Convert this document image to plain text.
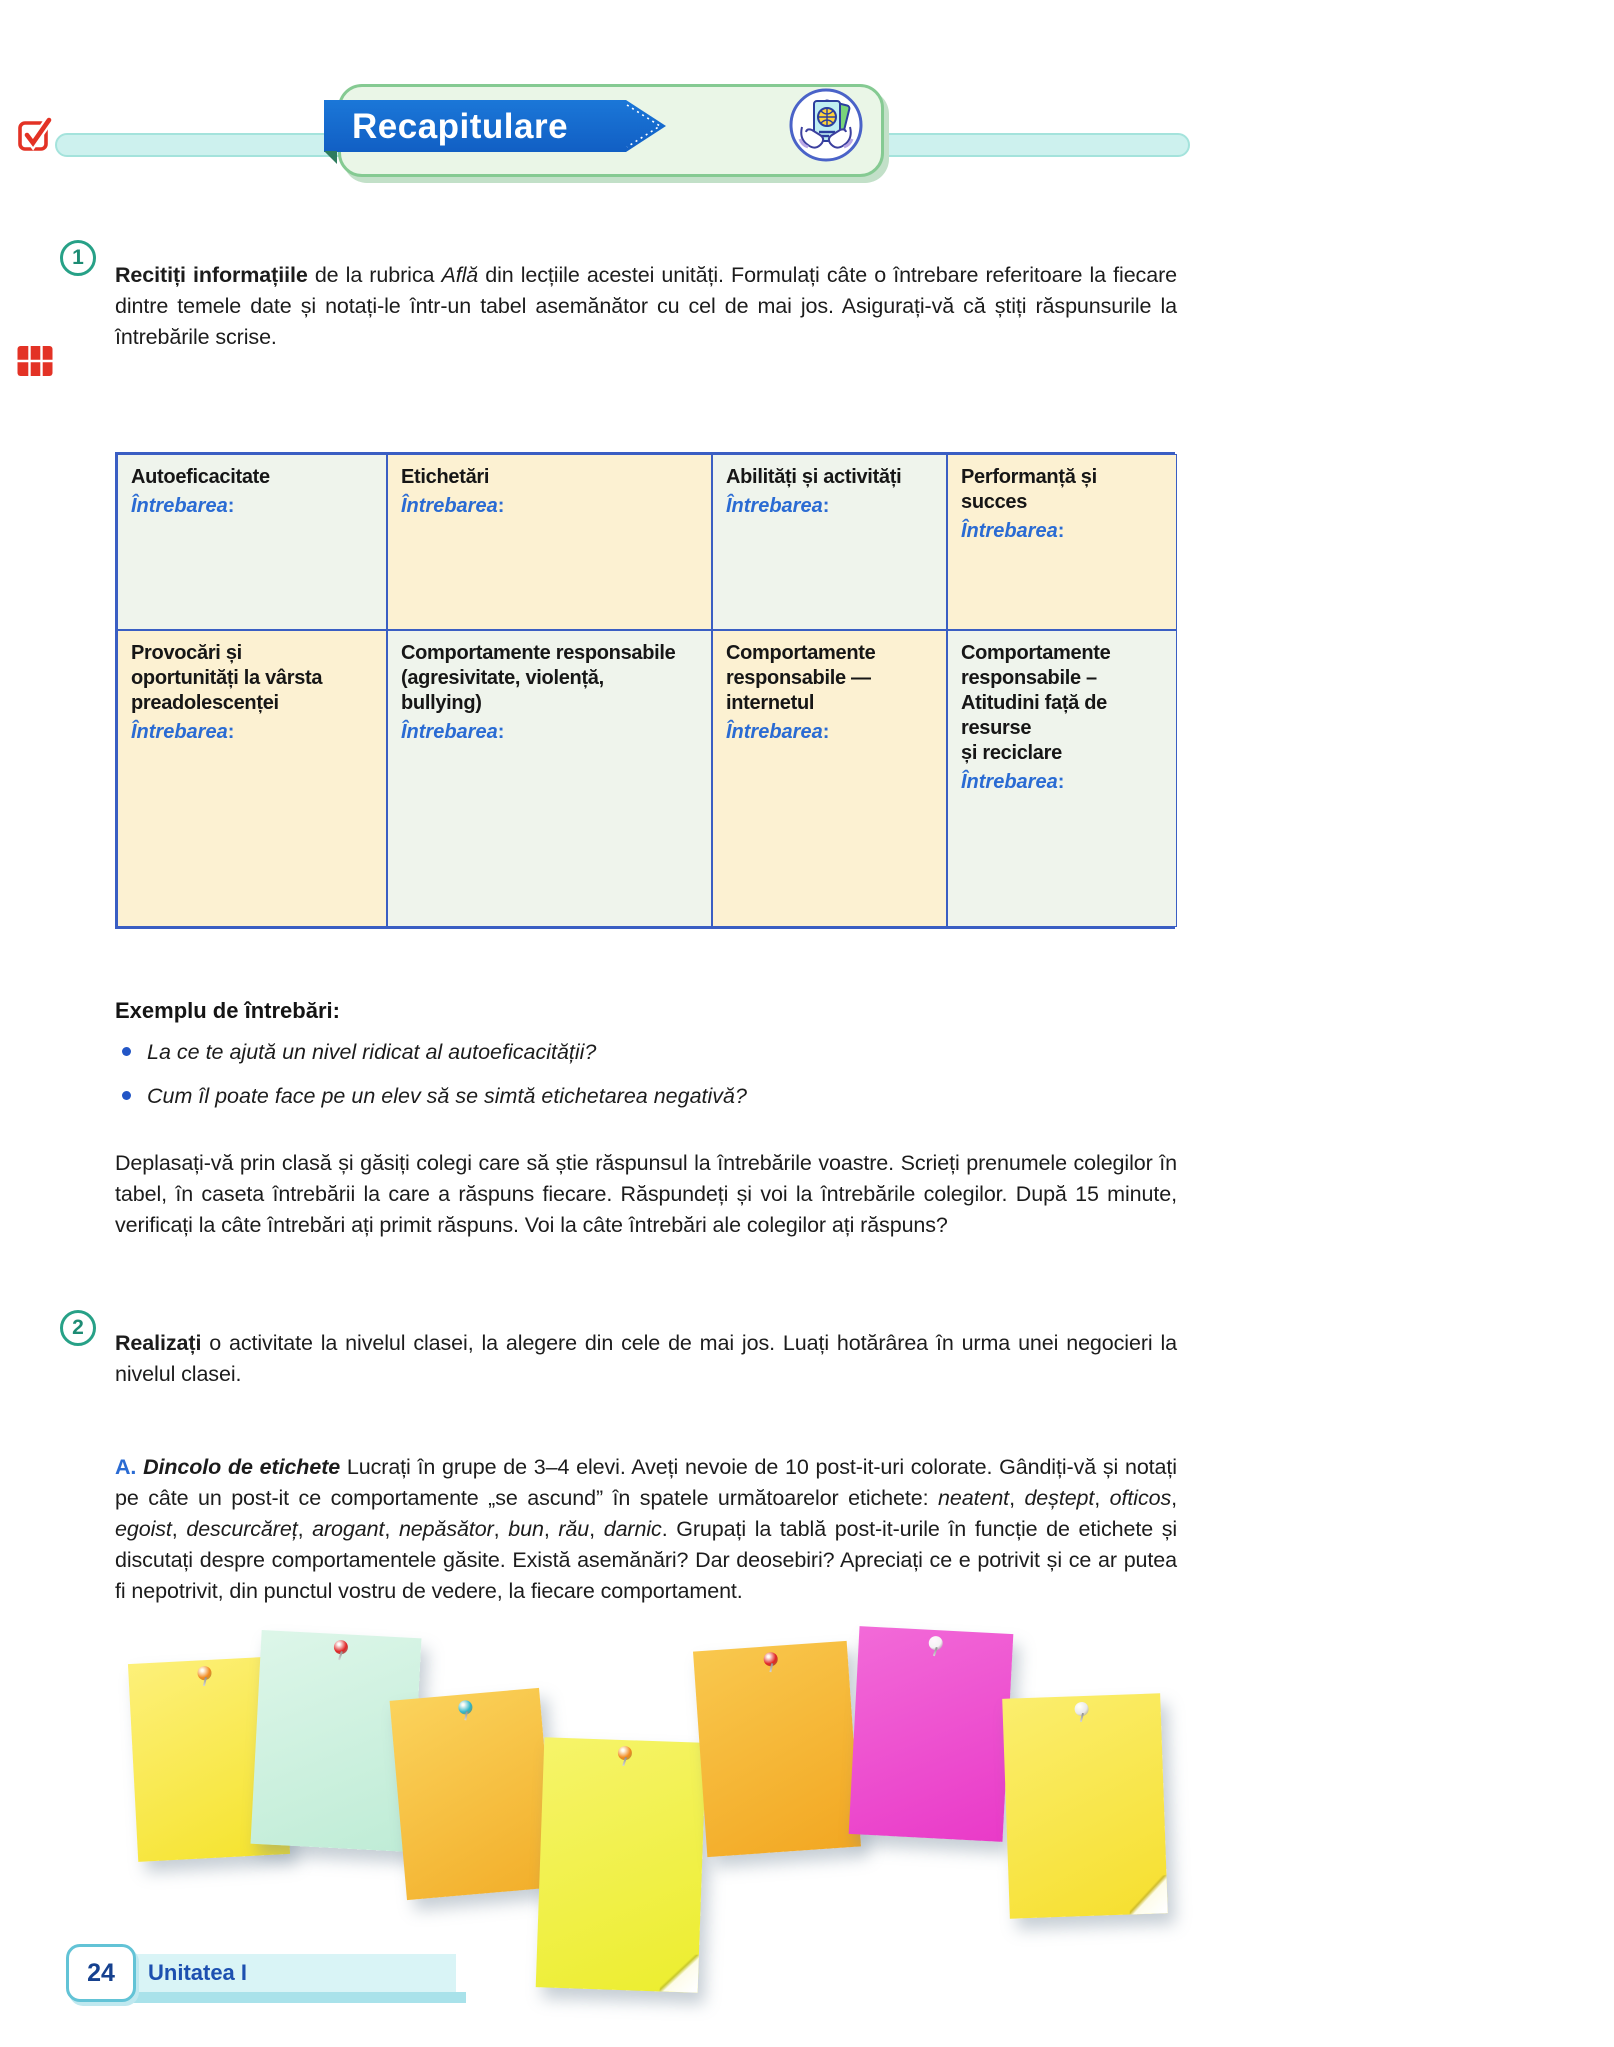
Recapitulare
1

Recitiți informațiile de la rubrica Află din lecțiile acestei unități. Formulați câte o întrebare referitoare la fiecare dintre temele date și notați-le într-un tabel asemănător cu cel de mai jos. Asigurați-vă că știți răspunsurile la întrebările scrise.

Autoeficacitate
Întrebarea:
Etichetări
Întrebarea:
Abilități și activități
Întrebarea:
Performanță și succes
Întrebarea:
Provocări și
oportunități la vârsta
preadolescenței
Întrebarea:
Comportamente responsabile
(agresivitate, violență,
bullying)
Întrebarea:
Comportamente
responsabile —
internetul
Întrebarea:
Comportamente responsabile –
Atitudini față de resurse
și reciclare
Întrebarea:
Exemplu de întrebări:
La ce te ajută un nivel ridicat al autoeficacității?
Cum îl poate face pe un elev să se simtă etichetarea negativă?

Deplasați-vă prin clasă și găsiți colegi care să știe răspunsul la întrebările voastre. Scrieți prenumele colegilor în tabel, în caseta întrebării la care a răspuns fiecare. Răspundeți și voi la întrebările colegilor. După 15 minute, verificați la câte întrebări ați primit răspuns. Voi la câte întrebări ale colegilor ați răspuns?

2

Realizați o activitate la nivelul clasei, la alegere din cele de mai jos. Luați hotărârea în urma unei negocieri la nivelul clasei.

A. Dincolo de etichete Lucrați în grupe de 3–4 elevi. Aveți nevoie de 10 post-it-uri colorate. Gândiți-vă și notați pe câte un post-it ce comportamente „se ascund” în spatele următoarelor etichete: neatent, deștept, ofticos, egoist, descurcăreț, arogant, nepăsător, bun, rău, darnic. Grupați la tablă post-it-urile în funcție de etichete și discutați despre comportamentele găsite. Există asemănări? Dar deosebiri? Apreciați ce e potrivit și ce ar putea fi nepotrivit, din punctul vostru de vedere, la fiecare comportament.

24	Unitatea I
